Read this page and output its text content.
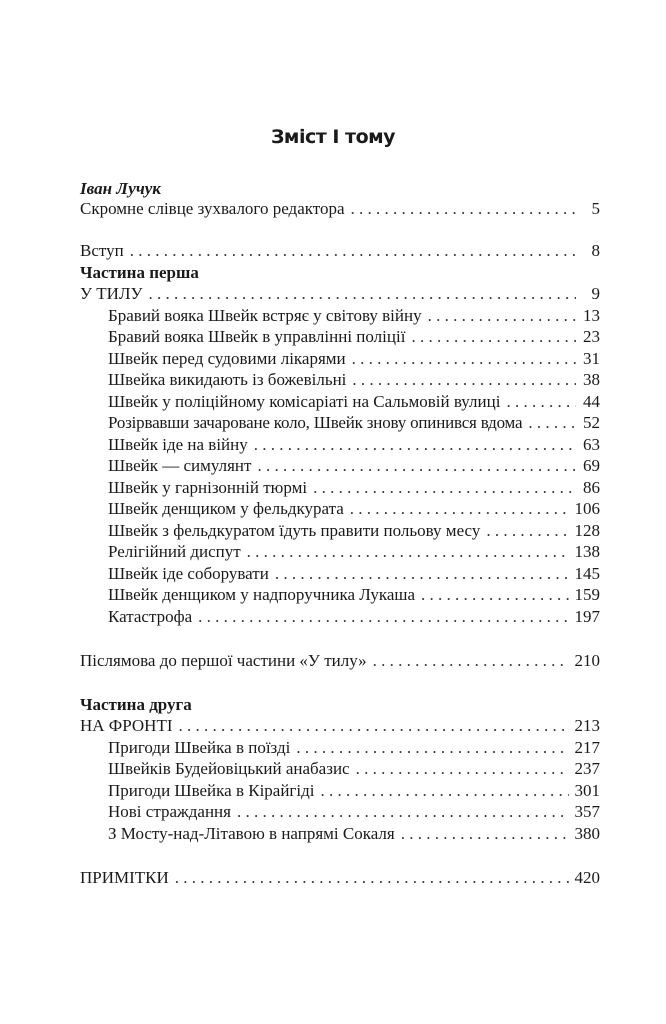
Зміст І тому
Іван Лучук
Скромне слівце зухвалого редактора . . .	5
Вступ . . .	8
Частина перша
У ТИЛУ . . .	9
Бравий вояка Швейк встряє у світову війну . . .	13
Бравий вояка Швейк в управлінні поліції . . .	23
Швейк перед судовими лікарями . . .	31
Швейка викидають із божевільні . . .	38
Швейк у поліційному комісаріаті на Сальмовій вулиці . . .	44
Розірвавши зачароване коло, Швейк знову опинився вдома . . .	52
Швейк іде на війну . . .	63
Швейк — симулянт . . .	69
Швейк у гарнізонній тюрмі . . .	86
Швейк денщиком у фельдкурата . . .	106
Швейк з фельдкуратом їдуть правити польову месу . . .	128
Релігійний диспут . . .	138
Швейк іде соборувати . . .	145
Швейк денщиком у надпоручника Лукаша . . .	159
Катастрофа . . .	197
Післямова до першої частини «У тилу» . . .	210
Частина друга
НА ФРОНТІ . . .	213
Пригоди Швейка в поїзді . . .	217
Швейків Будейовіцький анабазис . . .	237
Пригоди Швейка в Кірайгіді . . .	301
Нові страждання . . .	357
З Мосту-над-Літавою в напрямі Сокаля . . .	380
ПРИМІТКИ . . .	420
